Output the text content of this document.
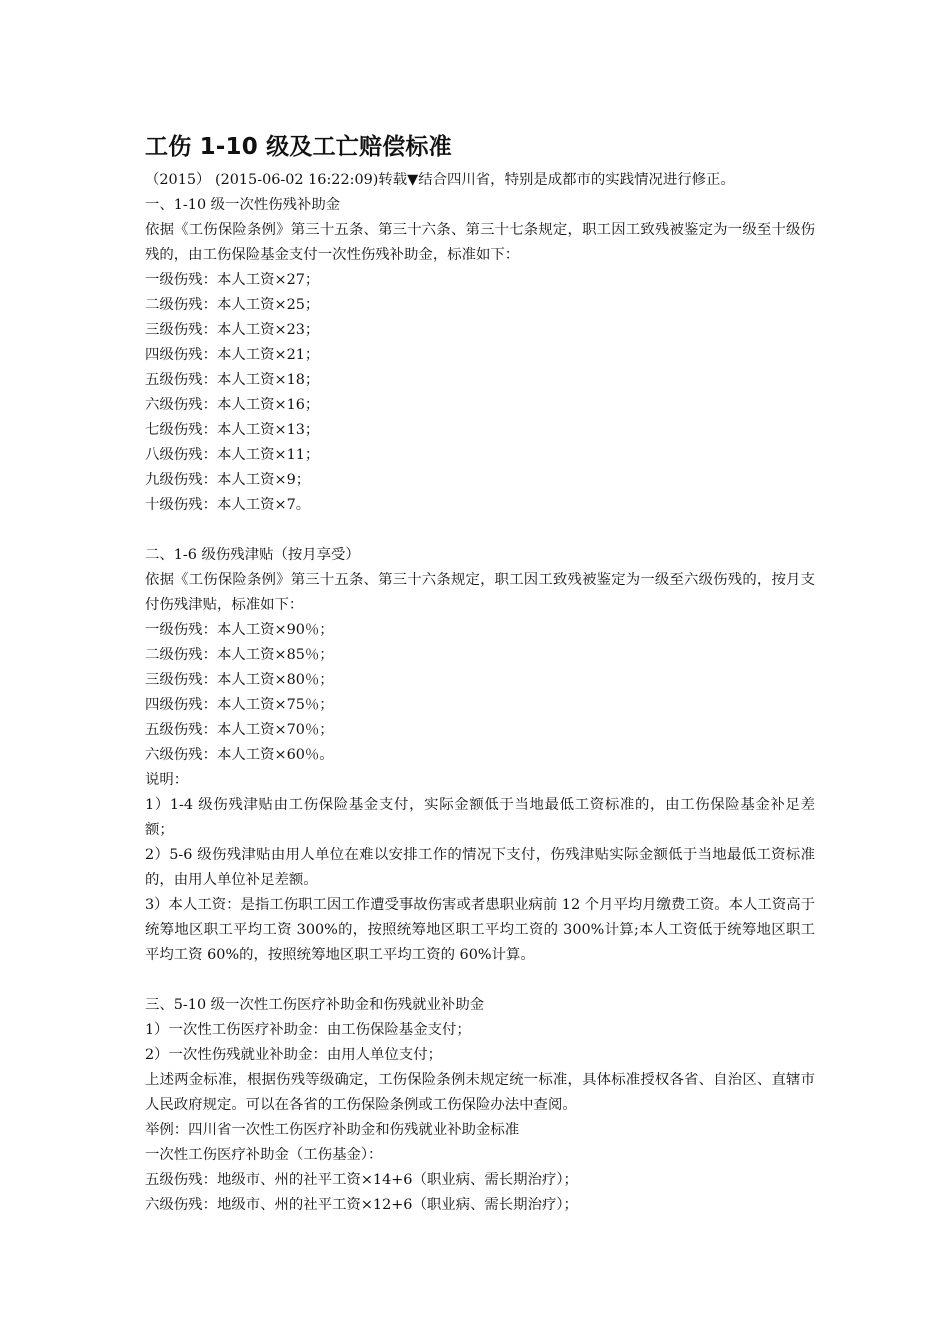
工伤 1-10 级及工亡赔偿标准
（2015） (2015-06-02 16:22:09)转载▼结合四川省，特别是成都市的实践情况进行修正。
一、1-10 级一次性伤残补助金
依据《工伤保险条例》第三十五条、第三十六条、第三十七条规定，职工因工致残被鉴定为一级至十级伤残的，由工伤保险基金支付一次性伤残补助金，标准如下：
一级伤残：本人工资×27；
二级伤残：本人工资×25；
三级伤残：本人工资×23；
四级伤残：本人工资×21；
五级伤残：本人工资×18；
六级伤残：本人工资×16；
七级伤残：本人工资×13；
八级伤残：本人工资×11；
九级伤残：本人工资×9；
十级伤残：本人工资×7。
二、1-6 级伤残津贴（按月享受）
依据《工伤保险条例》第三十五条、第三十六条规定，职工因工致残被鉴定为一级至六级伤残的，按月支付伤残津贴，标准如下：
一级伤残：本人工资×90％；
二级伤残：本人工资×85％；
三级伤残：本人工资×80％；
四级伤残：本人工资×75％；
五级伤残：本人工资×70％；
六级伤残：本人工资×60％。
说明：
1）1-4 级伤残津贴由工伤保险基金支付，实际金额低于当地最低工资标准的，由工伤保险基金补足差额；
2）5-6 级伤残津贴由用人单位在难以安排工作的情况下支付，伤残津贴实际金额低于当地最低工资标准的，由用人单位补足差额。
3）本人工资：是指工伤职工因工作遭受事故伤害或者患职业病前 12 个月平均月缴费工资。本人工资高于统筹地区职工平均工资 300%的，按照统筹地区职工平均工资的 300%计算;本人工资低于统筹地区职工平均工资 60%的，按照统筹地区职工平均工资的 60%计算。
三、5-10 级一次性工伤医疗补助金和伤残就业补助金
1）一次性工伤医疗补助金：由工伤保险基金支付；
2）一次性伤残就业补助金：由用人单位支付；
上述两金标准，根据伤残等级确定，工伤保险条例未规定统一标准，具体标准授权各省、自治区、直辖市人民政府规定。可以在各省的工伤保险条例或工伤保险办法中查阅。
举例：四川省一次性工伤医疗补助金和伤残就业补助金标准
一次性工伤医疗补助金（工伤基金）：
五级伤残：地级市、州的社平工资×14+6（职业病、需长期治疗）；
六级伤残：地级市、州的社平工资×12+6（职业病、需长期治疗）；
